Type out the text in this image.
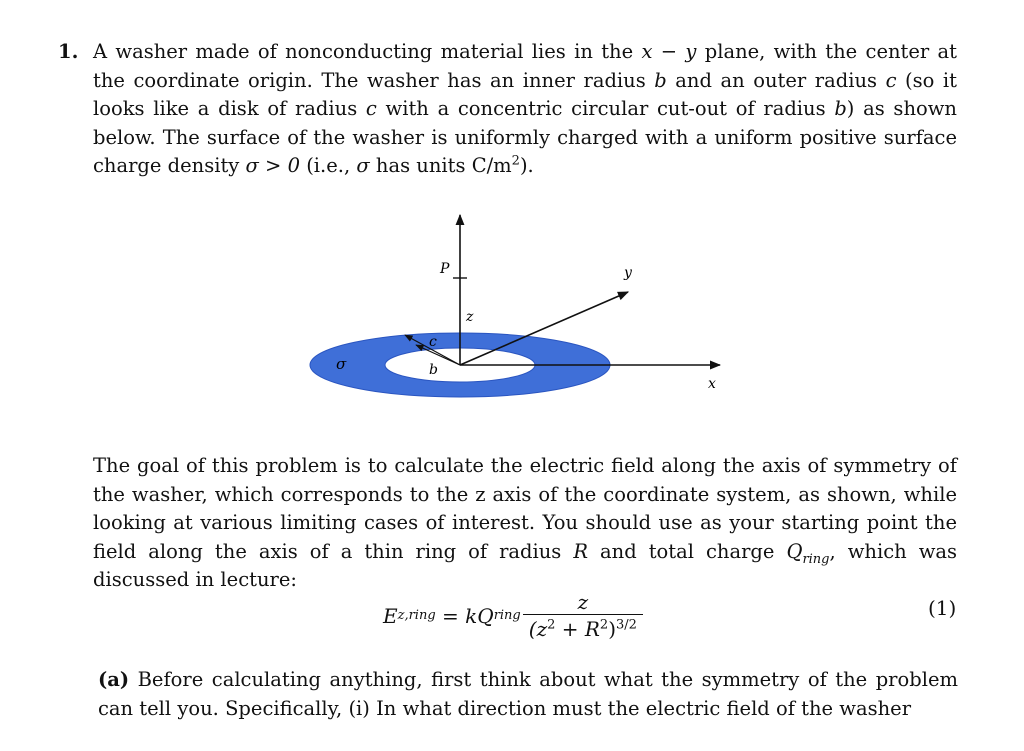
1. A washer made of nonconducting material lies in the x − y plane, with the center at the coordinate origin. The washer has an inner radius b and an outer radius c (so it looks like a disk of radius c with a concentric circular cut-out of radius b) as shown below. The surface of the washer is uniformly charged with a uniform positive surface charge density σ > 0 (i.e., σ has units $C/m^2$).
P	y
z
c
b
σ
x
The goal of this problem is to calculate the electric field along the axis of symmetry of the washer, which corresponds to the z axis of the coordinate system, as shown, while looking at various limiting cases of interest. You should use as your starting point the field along the axis of a thin ring of radius R and total charge $Q_{ring}$, which was discussed in lecture:
E z,ring = k Q ring $\frac{z}{(z^2 + R^2)^{3/2}}$	(1)
(a) Before calculating anything, first think about what the symmetry of the problem can tell you. Specifically, (i) In what direction must the electric field of the washer
